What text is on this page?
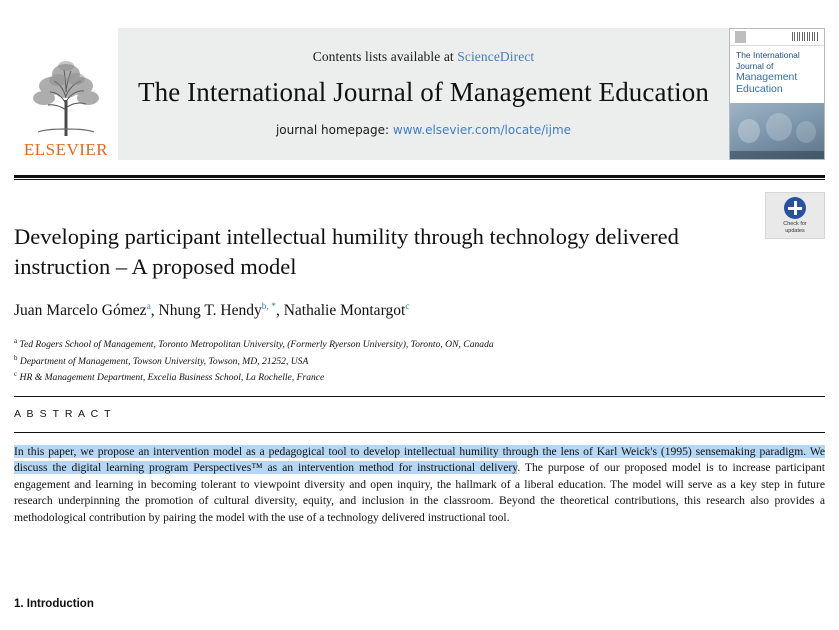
ELSEVIER
Contents lists available at ScienceDirect
The International Journal of Management Education
journal homepage: www.elsevier.com/locate/ijme
The International
Journal of
Management
Education
Check for
updates
Developing participant intellectual humility through technology delivered instruction – A proposed model
Juan Marcelo Gómez$^a$, Nhung T. Hendy$^{b, *}$, Nathalie Montargot$^c$
$^a$ Ted Rogers School of Management, Toronto Metropolitan University, (Formerly Ryerson University), Toronto, ON, Canada
$^b$ Department of Management, Towson University, Towson, MD, 21252, USA
$^c$ HR & Management Department, Excelia Business School, La Rochelle, France
A B S T R A C T
In this paper, we propose an intervention model as a pedagogical tool to develop intellectual humility through the lens of Karl Weick's (1995) sensemaking paradigm. We discuss the digital learning program Perspectives™ as an intervention method for instructional delivery. The purpose of our proposed model is to increase participant engagement and learning in becoming tolerant to viewpoint diversity and open inquiry, the hallmark of a liberal education. The model will serve as a key step in future research underpinning the promotion of cultural diversity, equity, and inclusion in the classroom. Beyond the theoretical contributions, this research also provides a methodological contribution by pairing the model with the use of a technology delivered instructional tool.
1. Introduction
